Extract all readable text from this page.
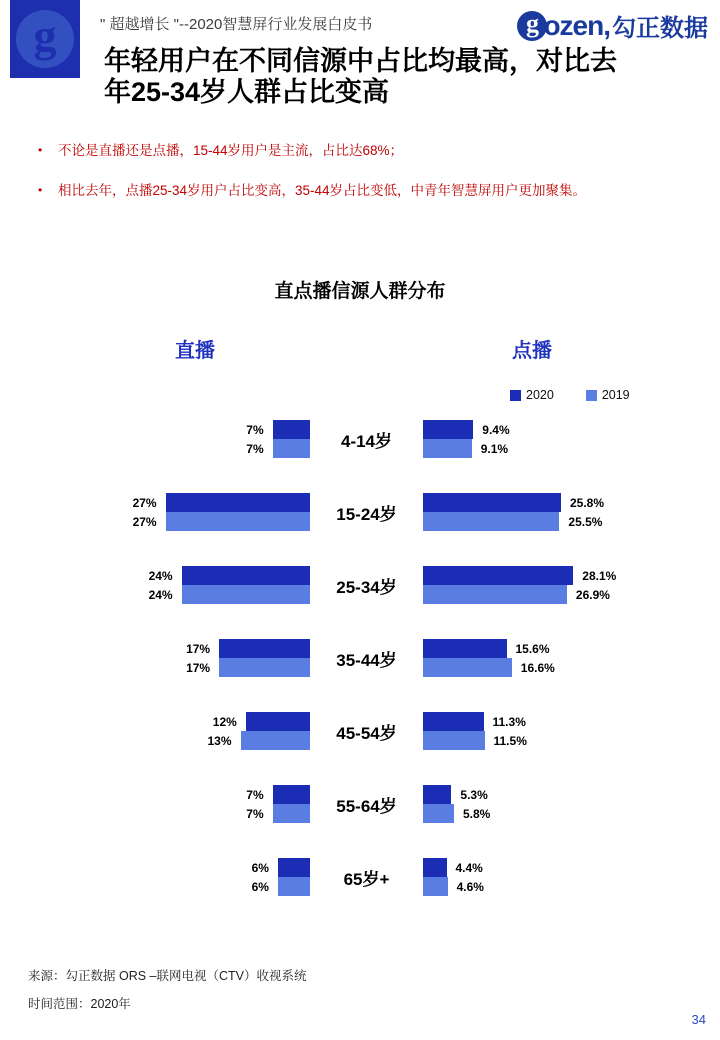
g	" 超越增长 "--2020智慧屏行业发展白皮书	g ozen, 勾正数据
年轻用户在不同信源中占比均最高，对比去年25-34岁人群占比变高
•	不论是直播还是点播，15-44岁用户是主流，占比达68%；
•	相比去年，点播25-34岁用户占比变高，35-44岁占比变低，中青年智慧屏用户更加聚集。
直点播信源人群分布
直播	点播
2020	2019
7%
7%	4-14岁
9.4%
9.1%
27%
27%	15-24岁
25.8%
25.5%
24%
24%	25-34岁
28.1%
26.9%
17%
17%	35-44岁
15.6%
16.6%
12%
13%	45-54岁
11.3%
11.5%
7%
7%	55-64岁
5.3%
5.8%
6%
6%	65岁+
4.4%
4.6%
来源：勾正数据 ORS –联网电视（CTV）收视系统
时间范围：2020年
34
